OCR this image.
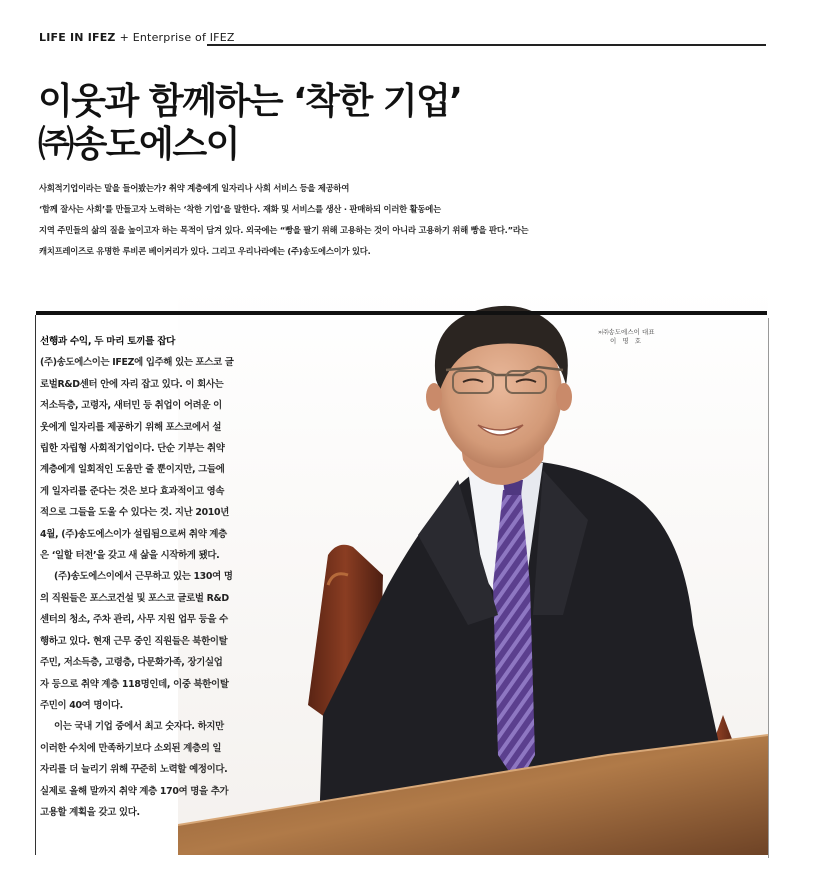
LIFE IN IFEZ + Enterprise of IFEZ
이웃과 함께하는 ‘착한 기업’
㈜송도에스이
사회적기업이라는 말을 들어봤는가? 취약 계층에게 일자리나 사회 서비스 등을 제공하여
‘함께 잘사는 사회’를 만들고자 노력하는 ‘착한 기업’을 말한다. 재화 및 서비스를 생산 · 판매하되 이러한 활동에는
지역 주민들의 삶의 질을 높이고자 하는 목적이 담겨 있다. 외국에는 “빵을 팔기 위해 고용하는 것이 아니라 고용하기 위해 빵을 판다.”라는
캐치프레이즈로 유명한 루비콘 베이커리가 있다. 그리고 우리나라에는 (주)송도에스이가 있다.
»㈜송도에스이 대표
이 명 호
선행과 수익, 두 마리 토끼를 잡다
(주)송도에스이는 IFEZ에 입주해 있는 포스코 글
로벌R&D센터 안에 자리 잡고 있다. 이 회사는
저소득층, 고령자, 새터민 등 취업이 어려운 이
웃에게 일자리를 제공하기 위해 포스코에서 설
립한 자립형 사회적기업이다. 단순 기부는 취약
계층에게 일회적인 도움만 줄 뿐이지만, 그들에
게 일자리를 준다는 것은 보다 효과적이고 영속
적으로 그들을 도울 수 있다는 것. 지난 2010년
4월, (주)송도에스이가 설립됨으로써 취약 계층
은 ‘일할 터전’을 갖고 새 삶을 시작하게 됐다.
(주)송도에스이에서 근무하고 있는 130여 명
의 직원들은 포스코건설 및 포스코 글로벌 R&D
센터의 청소, 주차 관리, 사무 지원 업무 등을 수
행하고 있다. 현재 근무 중인 직원들은 북한이탈
주민, 저소득층, 고령층, 다문화가족, 장기실업
자 등으로 취약 계층 118명인데, 이중 북한이탈
주민이 40여 명이다.
이는 국내 기업 중에서 최고 숫자다. 하지만
이러한 수치에 만족하기보다 소외된 계층의 일
자리를 더 늘리기 위해 꾸준히 노력할 예정이다.
실제로 올해 말까지 취약 계층 170여 명을 추가
고용할 계획을 갖고 있다.
